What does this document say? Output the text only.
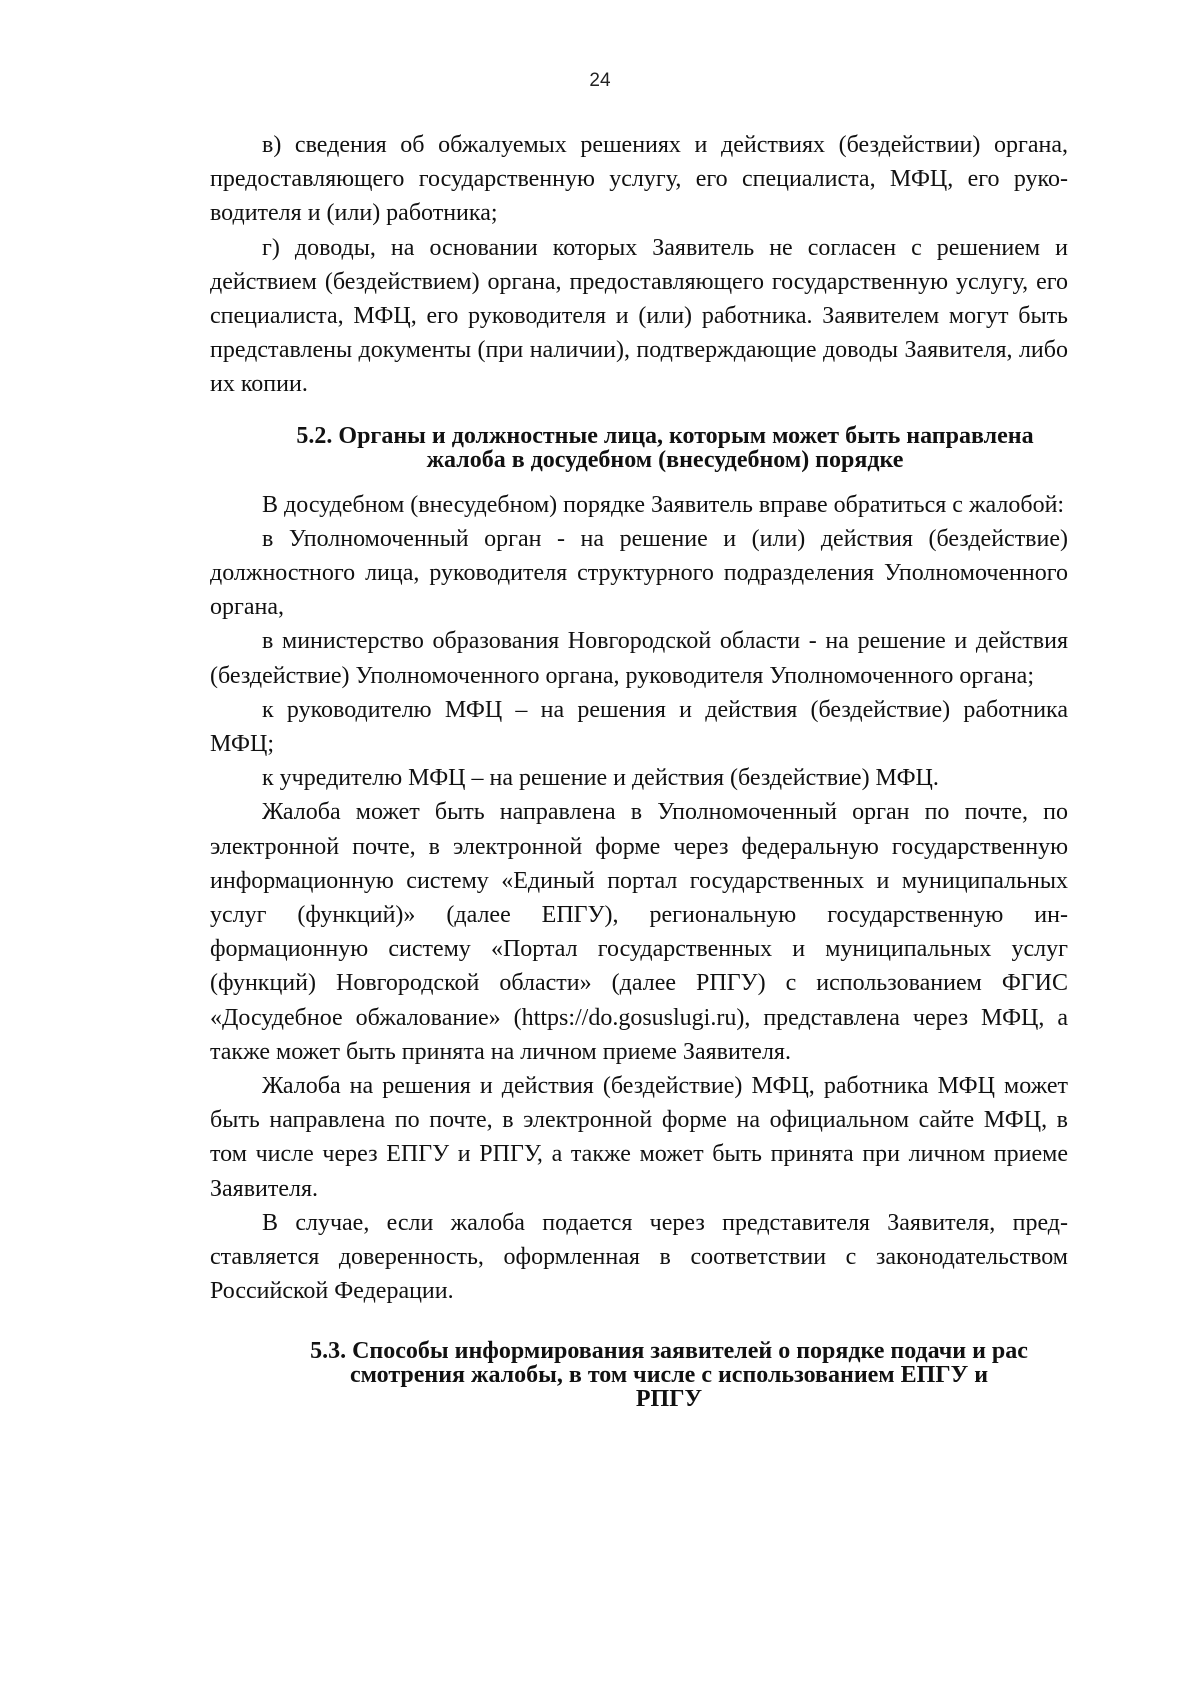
24

в) сведения об обжалуемых решениях и действиях (бездействии) органа, предоставляющего государственную услугу, его специалиста, МФЦ, его руководителя и (или) работника;

г) доводы, на основании которых Заявитель не согласен с решением и действием (бездействием) органа, предоставляющего государственную услугу, его специалиста, МФЦ, его руководителя и (или) работника. Заявителем могут быть представлены документы (при наличии), подтверждающие доводы Заявителя, либо их копии.

5.2. Органы и должностные лица, которым может быть направлена
жалоба в досудебном (внесудебном) порядке

В досудебном (внесудебном) порядке Заявитель вправе обратиться с жалобой:

в Уполномоченный орган - на решение и (или) действия (бездействие) должностного лица, руководителя структурного подразделения Уполномоченного органа,

в министерство образования Новгородской области - на решение и действия (бездействие) Уполномоченного органа, руководителя Уполномоченного органа;

к руководителю МФЦ – на решения и действия (бездействие) работника МФЦ;

к учредителю МФЦ – на решение и действия (бездействие) МФЦ.

Жалоба может быть направлена в Уполномоченный орган по почте, по электронной почте, в электронной форме через федеральную государственную информационную систему «Единый портал государственных и муниципальных услуг (функций)» (далее ЕПГУ), региональную государственную информационную систему «Портал государственных и муниципальных услуг (функций) Новгородской области» (далее РПГУ) с использованием ФГИС «Досудебное обжалование» (https://do.gosuslugi.ru), представлена через МФЦ, а также может быть принята на личном приеме Заявителя.

Жалоба на решения и действия (бездействие) МФЦ, работника МФЦ может быть направлена по почте, в электронной форме на официальном сайте МФЦ, в том числе через ЕПГУ и РПГУ, а также может быть принята при личном приеме Заявителя.

В случае, если жалоба подается через представителя Заявителя, представляется доверенность, оформленная в соответствии с законодательством Российской Федерации.

5.3. Способы информирования заявителей о порядке подачи и рас
смотрения жалобы, в том числе с использованием ЕПГУ и
РПГУ
